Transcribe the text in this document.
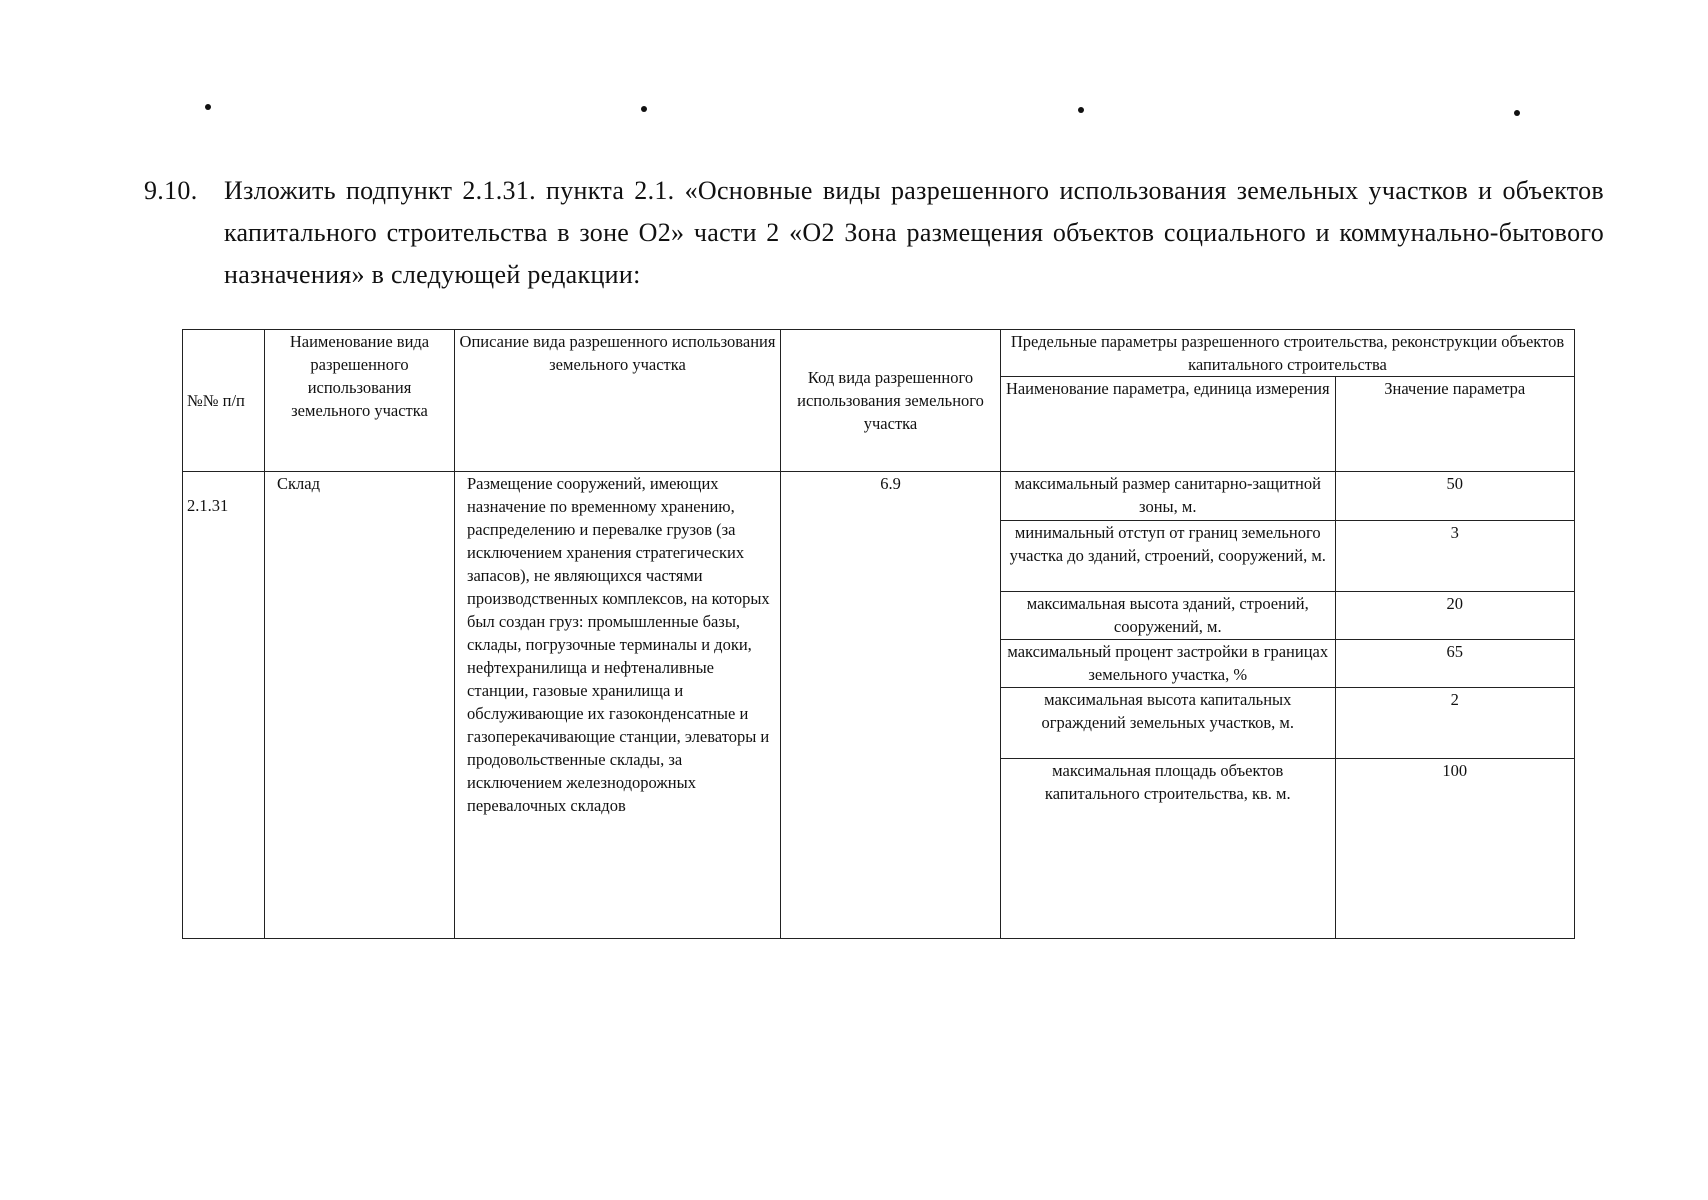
9.10. Изложить подпункт 2.1.31. пункта 2.1. «Основные виды разрешенного использования земельных участков и объектов капитального строительства в зоне О2» части 2 «О2 Зона размещения объектов социального и коммунально-бытового назначения» в следующей редакции:
№№ п/п	Наименование вида разрешенного использования земельного участка	Описание вида разрешенного использования земельного участка	Код вида разрешенного использования земельного участка	Предельные параметры разрешенного строительства, реконструкции объектов капитального строительства

Наименование параметра, единица измерения	Значение параметра

2.1.31	Склад	Размещение сооружений, имеющих назначение по временному хранению, распределению и перевалке грузов (за исключением хранения стратегических запасов), не являющихся частями производственных комплексов, на которых был создан груз: промышленные базы, склады, погрузочные терминалы и доки, нефтехранилища и нефтеналивные станции, газовые хранилища и обслуживающие их газоконденсатные и газоперекачивающие станции, элеваторы и продовольственные склады, за исключением железнодорожных перевалочных складов	6.9		максимальный размер санитарно-защитной зоны, м.	50
минимальный отступ от границ земельного участка до зданий, строений, сооружений, м.	3
максимальная высота зданий, строений, сооружений, м.	20
максимальный процент застройки в границах земельного участка, %	65
максимальная высота капитальных ограждений земельных участков, м.	2
максимальная площадь объектов капитального строительства, кв. м.	100
